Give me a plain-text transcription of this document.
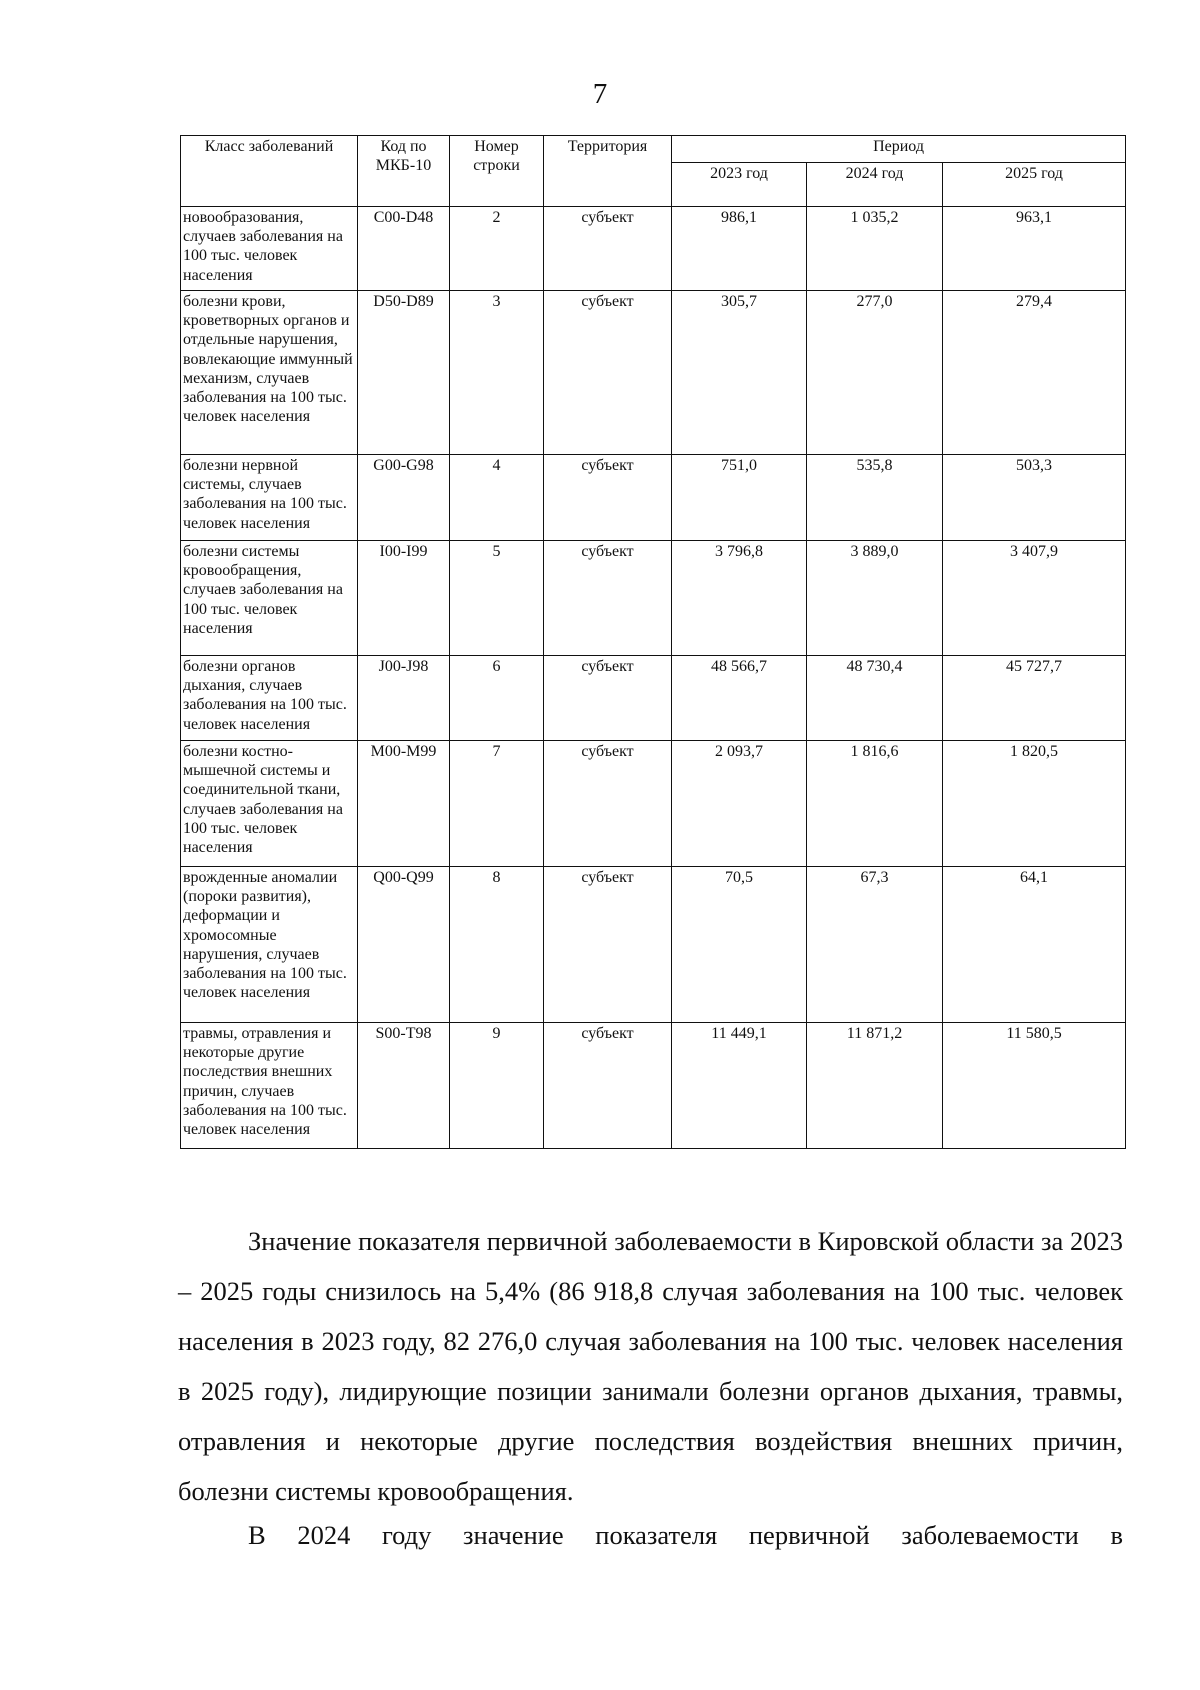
7
Класс заболеваний	Код по МКБ-10	Номер строки	Территория	Период		
				2023 год	2024 год	2025 год
новообразования, случаев заболевания на 100 тыс. человек населения	C00-D48	2	субъект	986,1	1 035,2	963,1
болезни крови, кроветворных органов и отдельные нарушения, вовлекающие иммунный механизм, случаев заболевания на 100 тыс. человек населения	D50-D89	3	субъект	305,7	277,0	279,4
болезни нервной системы, случаев заболевания на 100 тыс. человек населения	G00-G98	4	субъект	751,0	535,8	503,3
болезни системы кровообращения, случаев заболевания на 100 тыс. человек населения	I00-I99	5	субъект	3 796,8	3 889,0	3 407,9
болезни органов дыхания, случаев заболевания на 100 тыс. человек населения	J00-J98	6	субъект	48 566,7	48 730,4	45 727,7
болезни костно-мышечной системы и соединительной ткани, случаев заболевания на 100 тыс. человек населения	M00-M99	7	субъект	2 093,7	1 816,6	1 820,5
врожденные аномалии (пороки развития), деформации и хромосомные нарушения, случаев заболевания на 100 тыс. человек населения	Q00-Q99	8	субъект	70,5	67,3	64,1
травмы, отравления и некоторые другие последствия внешних причин, случаев заболевания на 100 тыс. человек населения	S00-T98	9	субъект	11 449,1	11 871,2	11 580,5

Значение показателя первичной заболеваемости в Кировской области за 2023 – 2025 годы снизилось на 5,4% (86 918,8 случая заболевания на 100 тыс. человек населения в 2023 году, 82 276,0 случая заболевания на 100 тыс. человек населения в 2025 году), лидирующие позиции занимали болезни органов дыхания, травмы, отравления и некоторые другие последствия воздействия внешних причин, болезни системы кровообращения.

В 2024 году значение показателя первичной заболеваемости в
